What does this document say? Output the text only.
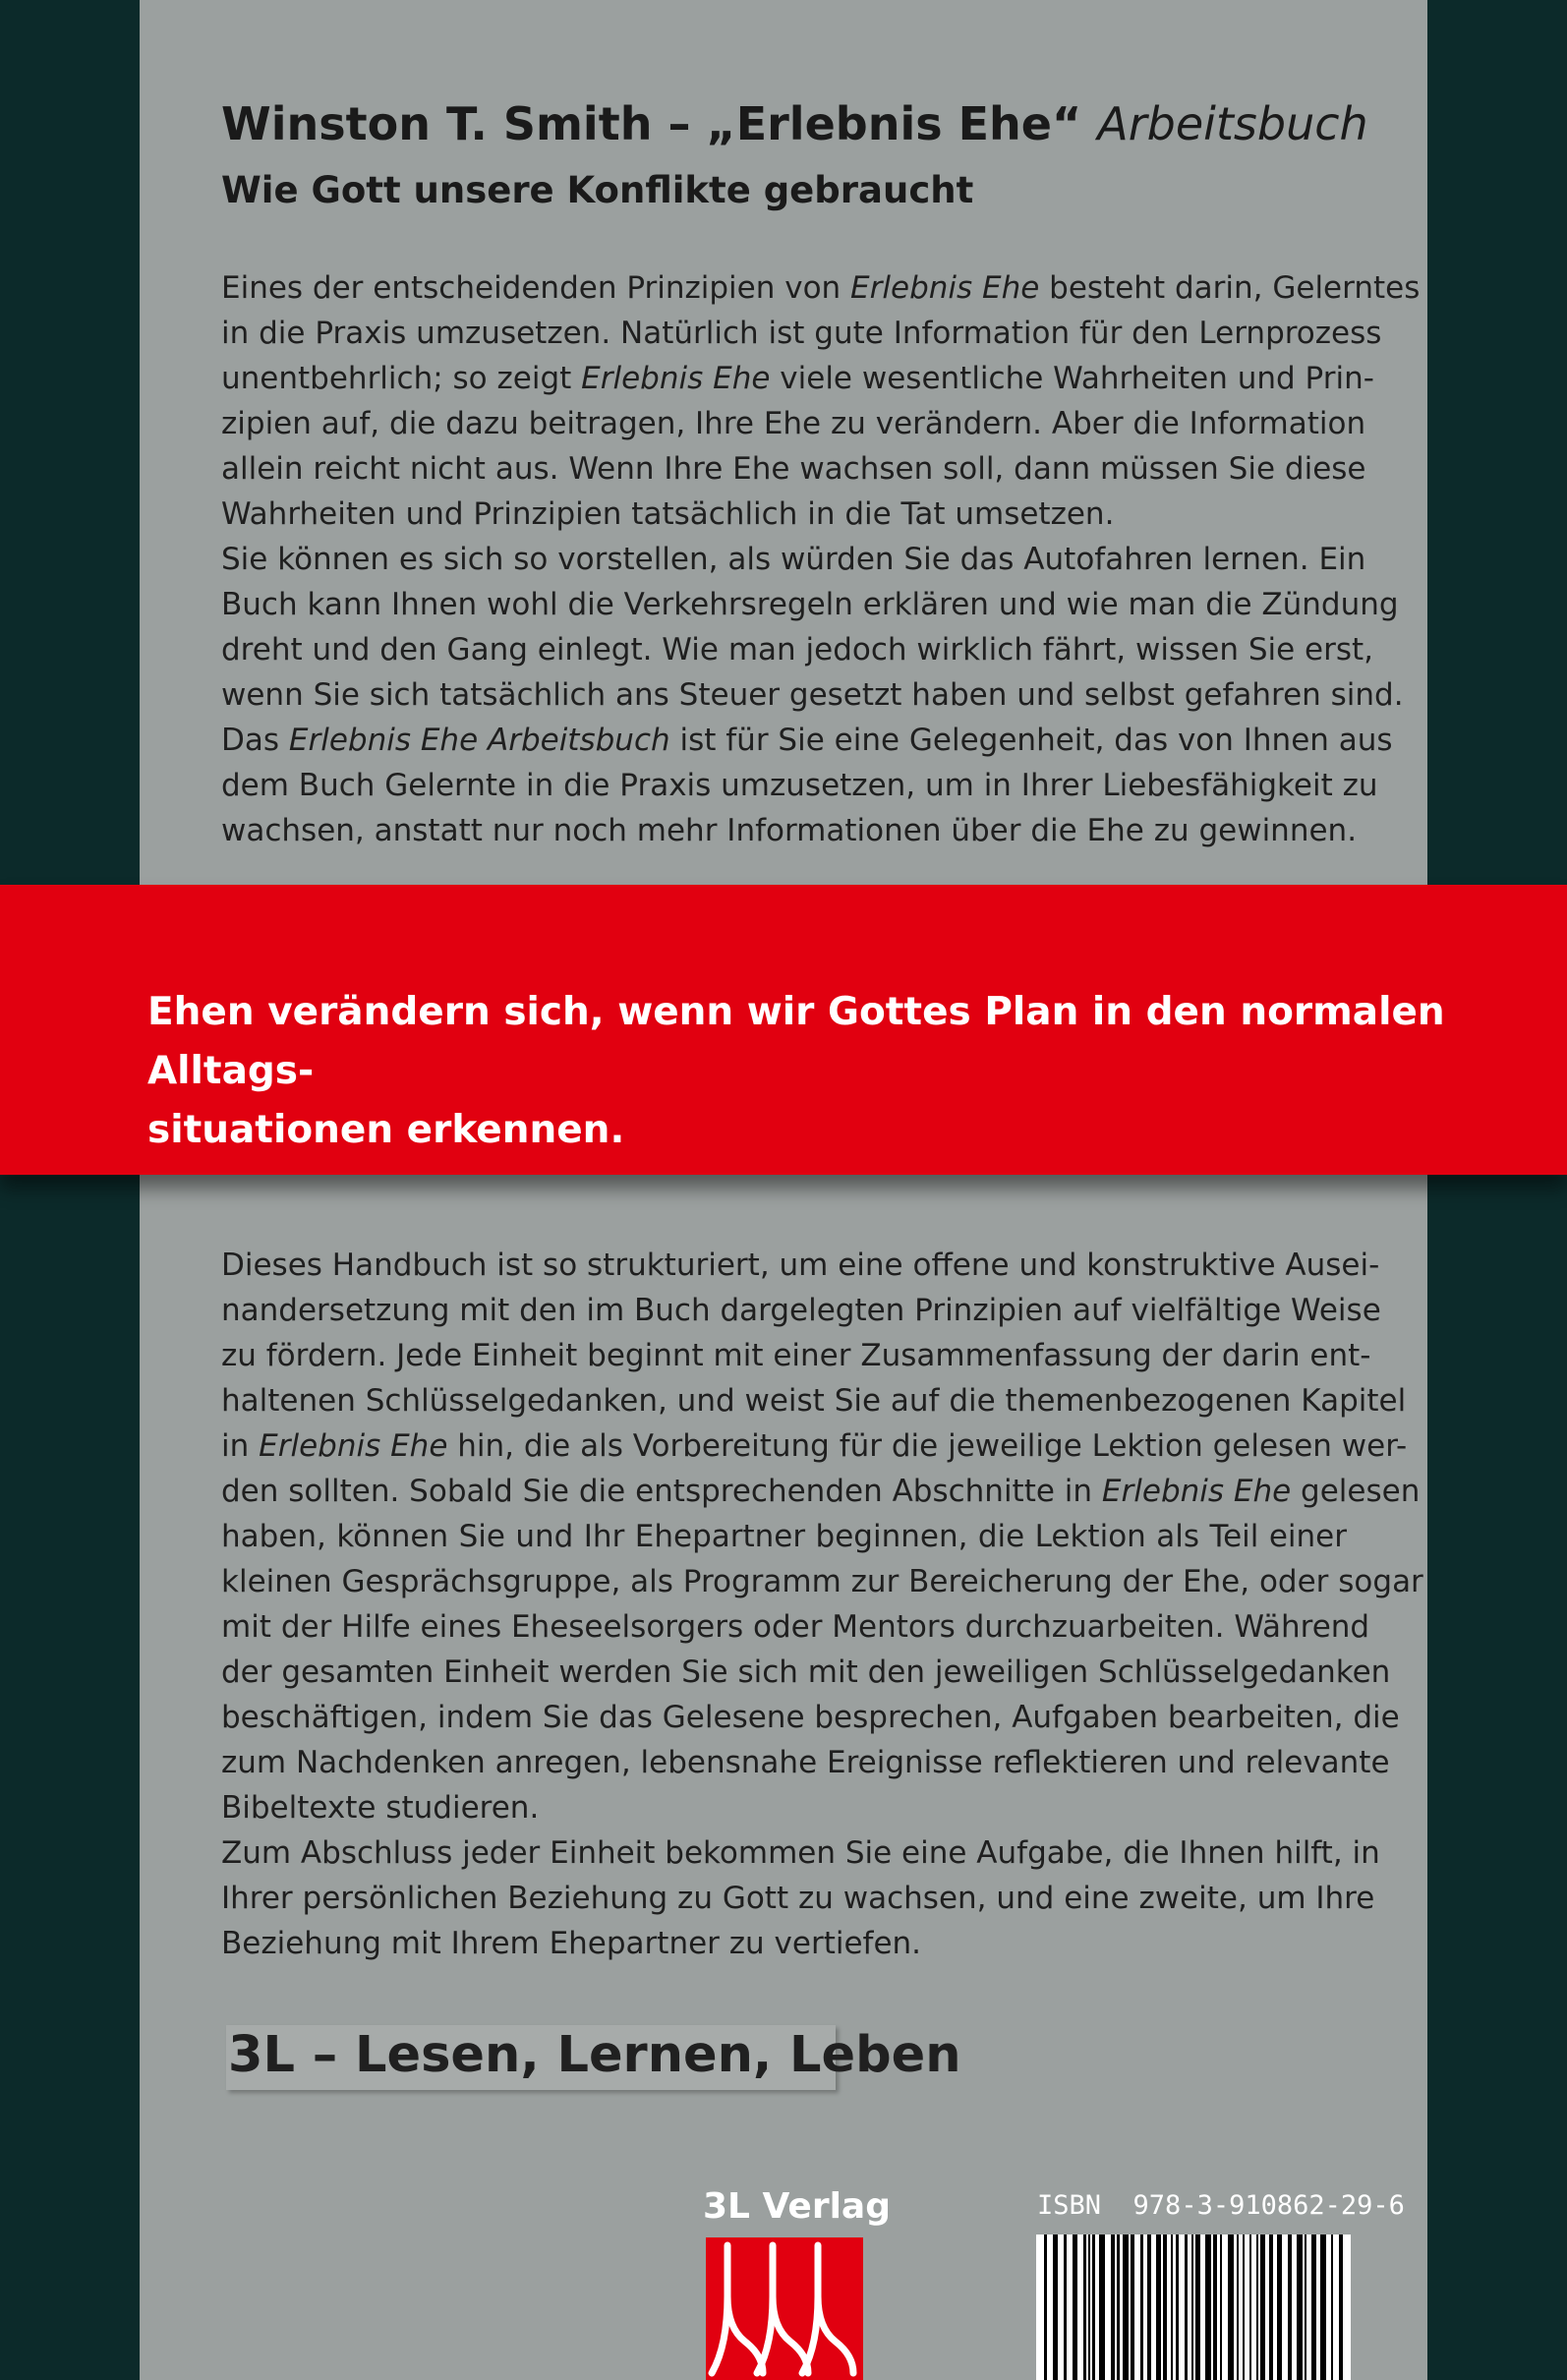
Winston T. Smith – „Erlebnis Ehe“ Arbeitsbuch
Wie Gott unsere Konflikte gebraucht
Eines der entscheidenden Prinzipien von Erlebnis Ehe besteht darin, Gelerntes
in die Praxis umzusetzen. Natürlich ist gute Information für den Lernprozess
unentbehrlich; so zeigt Erlebnis Ehe viele wesentliche Wahrheiten und Prin-
zipien auf, die dazu beitragen, Ihre Ehe zu verändern. Aber die Information
allein reicht nicht aus. Wenn Ihre Ehe wachsen soll, dann müssen Sie diese
Wahrheiten und Prinzipien tatsächlich in die Tat umsetzen.
Sie können es sich so vorstellen, als würden Sie das Autofahren lernen. Ein
Buch kann Ihnen wohl die Verkehrsregeln erklären und wie man die Zündung
dreht und den Gang einlegt. Wie man jedoch wirklich fährt, wissen Sie erst,
wenn Sie sich tatsächlich ans Steuer gesetzt haben und selbst gefahren sind.
Das Erlebnis Ehe Arbeitsbuch ist für Sie eine Gelegenheit, das von Ihnen aus
dem Buch Gelernte in die Praxis umzusetzen, um in Ihrer Liebesfähigkeit zu
wachsen, anstatt nur noch mehr Informationen über die Ehe zu gewinnen.
Ehen verändern sich, wenn wir Gottes Plan in den normalen Alltags-
situationen erkennen.
Dieses Handbuch ist so strukturiert, um eine offene und konstruktive Ausei-
nandersetzung mit den im Buch dargelegten Prinzipien auf vielfältige Weise
zu fördern. Jede Einheit beginnt mit einer Zusammenfassung der darin ent-
haltenen Schlüsselgedanken, und weist Sie auf die themenbezogenen Kapitel
in Erlebnis Ehe hin, die als Vorbereitung für die jeweilige Lektion gelesen wer-
den sollten. Sobald Sie die entsprechenden Abschnitte in Erlebnis Ehe gelesen
haben, können Sie und Ihr Ehepartner beginnen, die Lektion als Teil einer
kleinen Gesprächsgruppe, als Programm zur Bereicherung der Ehe, oder sogar
mit der Hilfe eines Eheseelsorgers oder Mentors durchzuarbeiten. Während
der gesamten Einheit werden Sie sich mit den jeweiligen Schlüsselgedanken
beschäftigen, indem Sie das Gelesene besprechen, Aufgaben bearbeiten, die
zum Nachdenken anregen, lebensnahe Ereignisse reflektieren und relevante
Bibeltexte studieren.
Zum Abschluss jeder Einheit bekommen Sie eine Aufgabe, die Ihnen hilft, in
Ihrer persönlichen Beziehung zu Gott zu wachsen, und eine zweite, um Ihre
Beziehung mit Ihrem Ehepartner zu vertiefen.
3L – Lesen, Lernen, Leben
3L Verlag	ISBN 978-3-910862-29-6
